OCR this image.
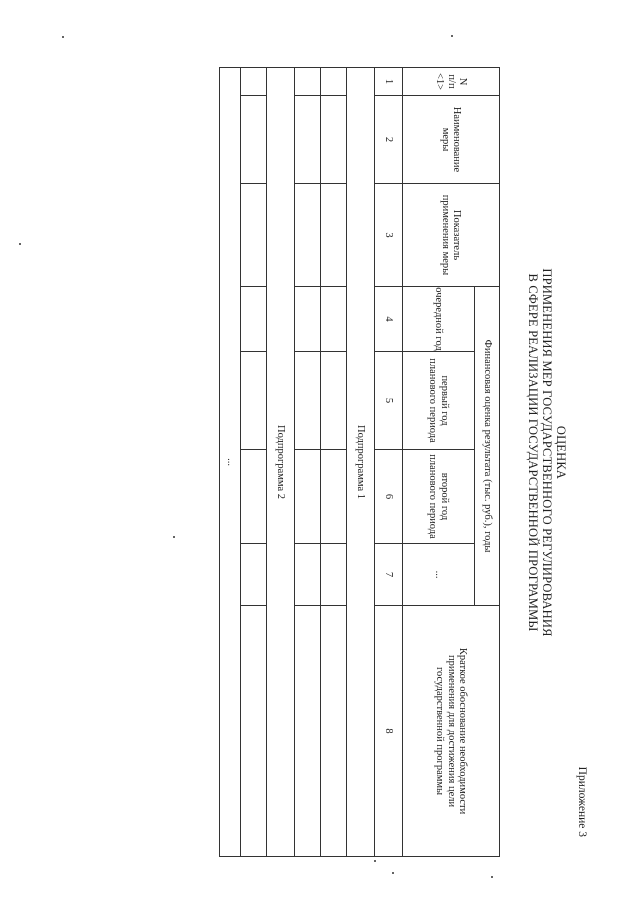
Приложение 3
ОЦЕНКА
ПРИМЕНЕНИЯ МЕР ГОСУДАРСТВЕННОГО РЕГУЛИРОВАНИЯ
В СФЕРЕ РЕАЛИЗАЦИИ ГОСУДАРСТВЕННОЙ ПРОГРАММЫ
N
п/п
<1>	Наименование меры	Показатель применения меры	Финансовая оценка результата (тыс. руб.), годы				Краткое обоснование необходимости применения для достижения цели государственной программы
			очередной год	первый год планового периода	второй год планового периода	...	
1	2	3	4	5	6	7	8
Подпрограмма 1							

Подпрограмма 2							

...							
